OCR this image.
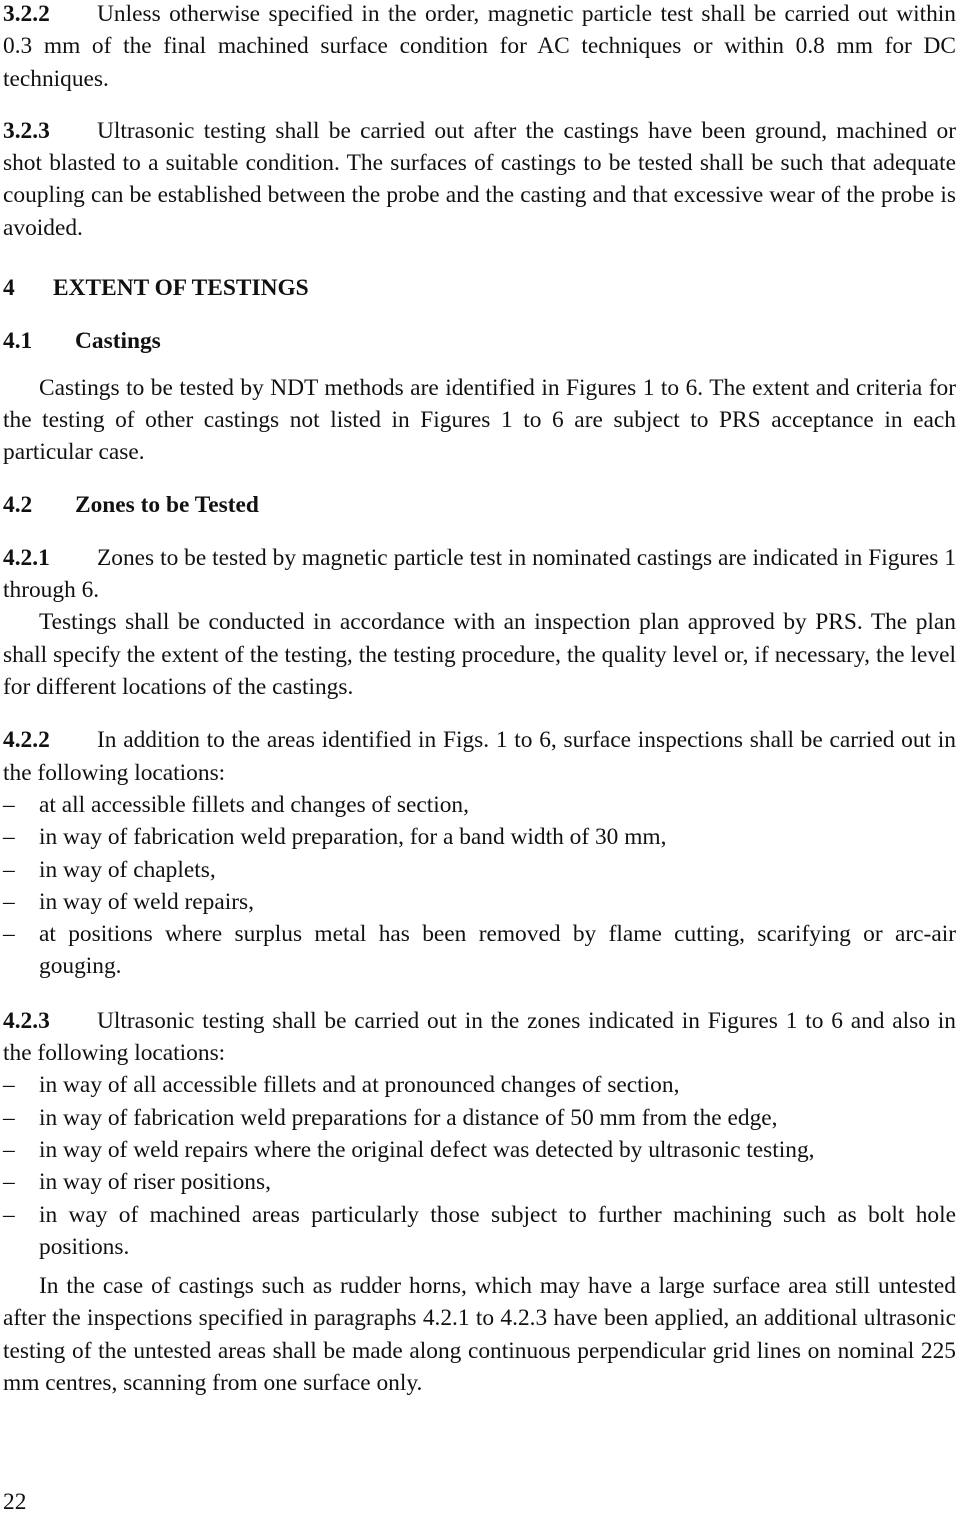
3.2.2 Unless otherwise specified in the order, magnetic particle test shall be carried out within 0.3 mm of the final machined surface condition for AC techniques or within 0.8 mm for DC techniques.

3.2.3 Ultrasonic testing shall be carried out after the castings have been ground, machined or shot blasted to a suitable condition. The surfaces of castings to be tested shall be such that adequate coupling can be established between the probe and the casting and that excessive wear of the probe is avoided.

4 EXTENT OF TESTINGS

4.1 Castings

Castings to be tested by NDT methods are identified in Figures 1 to 6. The extent and criteria for the testing of other castings not listed in Figures 1 to 6 are subject to PRS acceptance in each particular case.

4.2 Zones to be Tested

4.2.1 Zones to be tested by magnetic particle test in nominated castings are indicated in Figures 1 through 6.

Testings shall be conducted in accordance with an inspection plan approved by PRS. The plan shall specify the extent of the testing, the testing procedure, the quality level or, if necessary, the level for different locations of the castings.

4.2.2 In addition to the areas identified in Figs. 1 to 6, surface inspections shall be carried out in the following locations:

–	at all accessible fillets and changes of section,

–	in way of fabrication weld preparation, for a band width of 30 mm,

–	in way of chaplets,

–	in way of weld repairs,

–	at positions where surplus metal has been removed by flame cutting, scarifying or arc-air gouging.

4.2.3 Ultrasonic testing shall be carried out in the zones indicated in Figures 1 to 6 and also in the following locations:

–	in way of all accessible fillets and at pronounced changes of section,

–	in way of fabrication weld preparations for a distance of 50 mm from the edge,

–	in way of weld repairs where the original defect was detected by ultrasonic testing,

–	in way of riser positions,

–	in way of machined areas particularly those subject to further machining such as bolt hole positions.

In the case of castings such as rudder horns, which may have a large surface area still untested after the inspections specified in paragraphs 4.2.1 to 4.2.3 have been applied, an additional ultrasonic testing of the untested areas shall be made along continuous perpendicular grid lines on nominal 225 mm centres, scanning from one surface only.

22
